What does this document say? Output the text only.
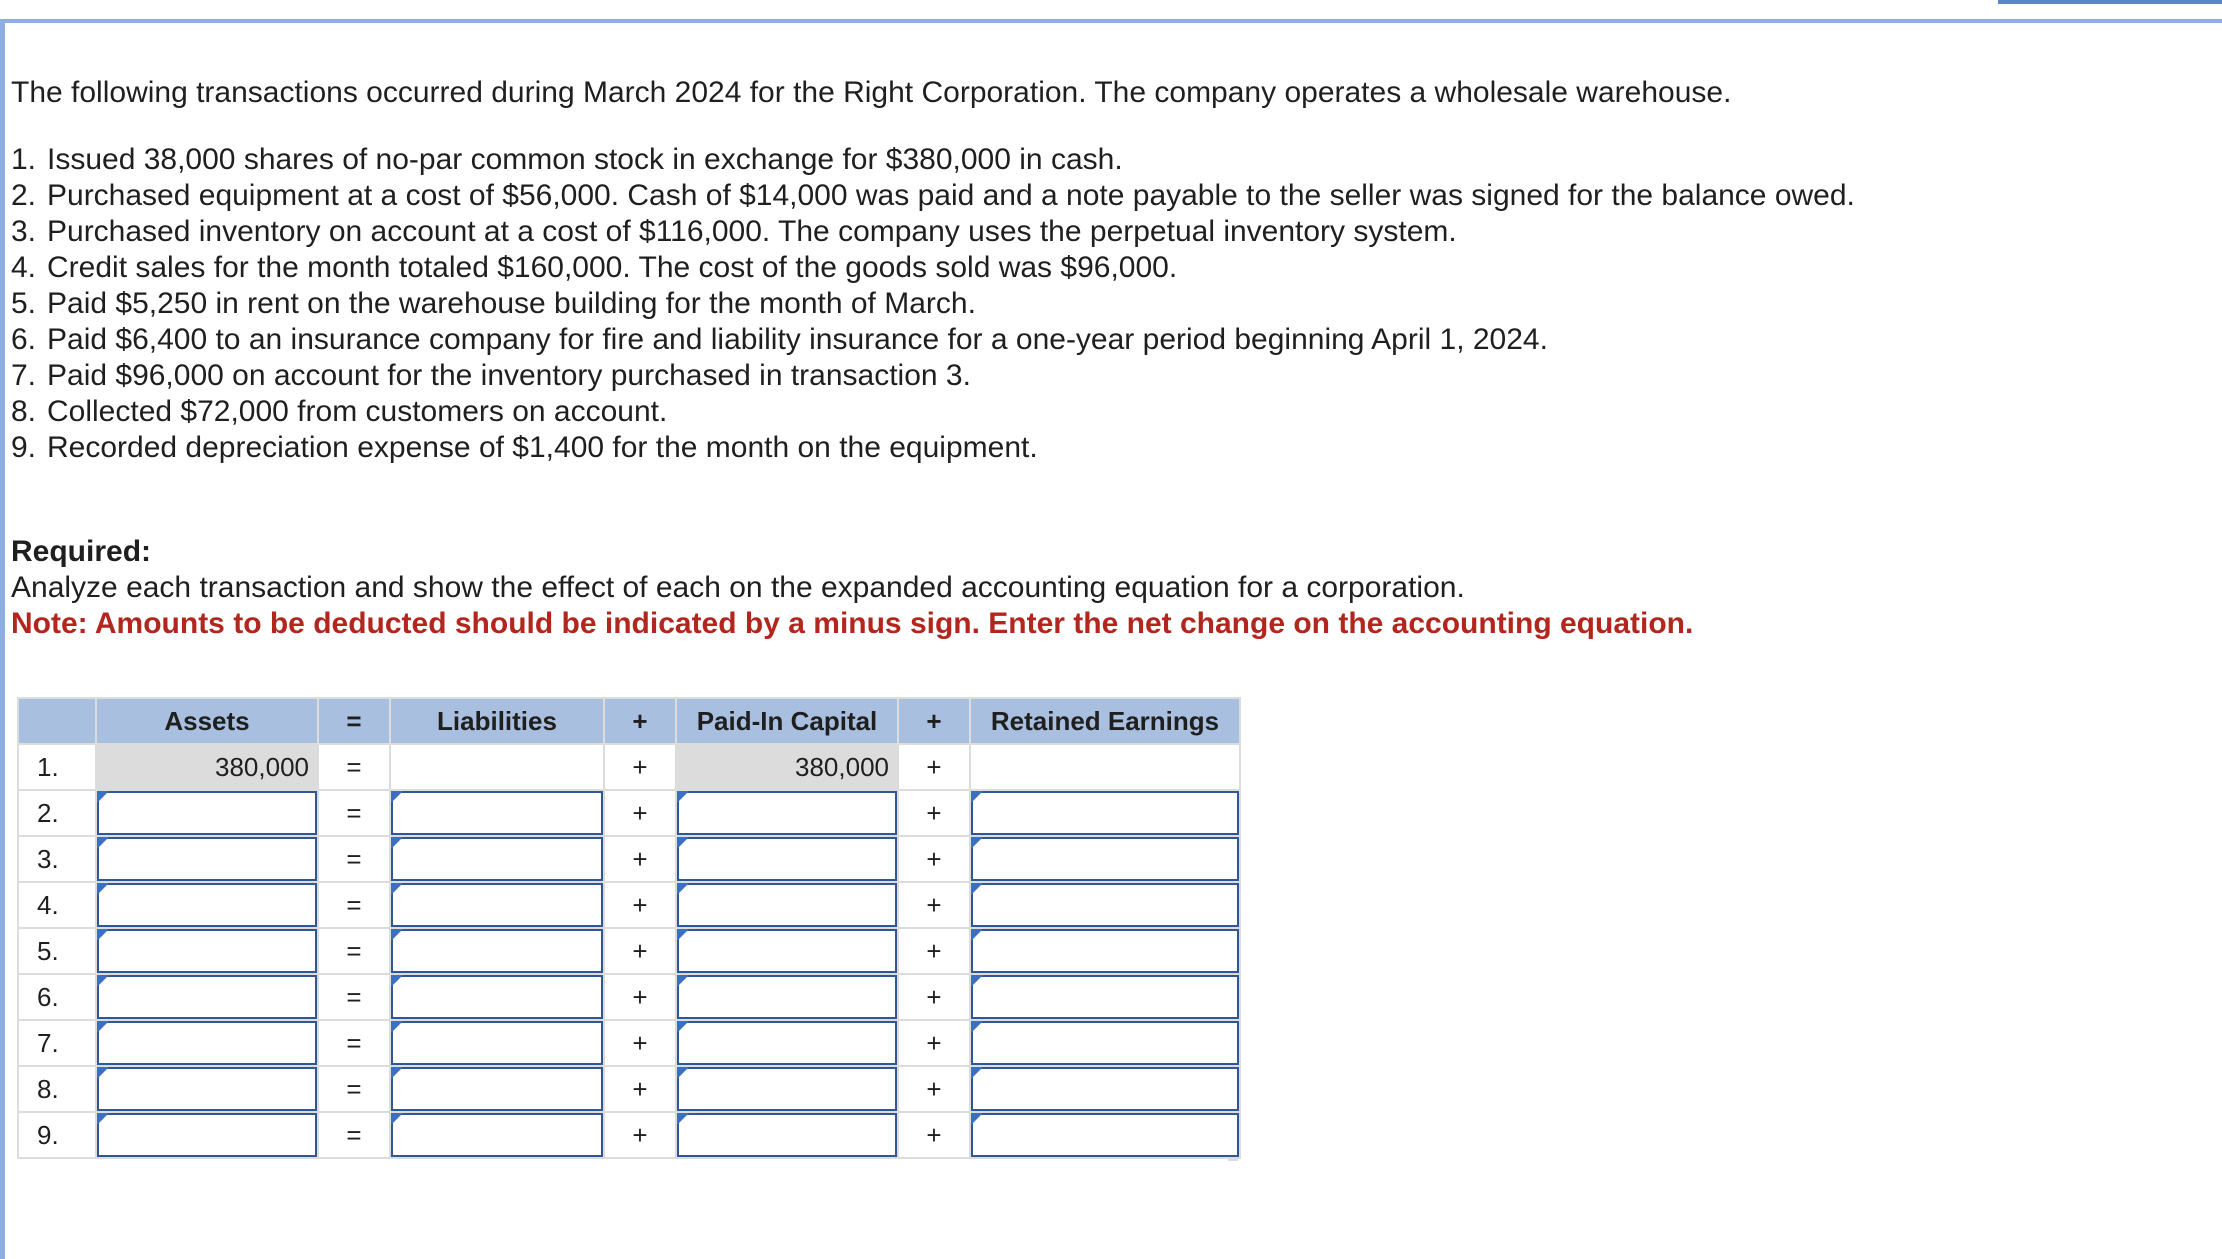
The following transactions occurred during March 2024 for the Right Corporation. The company operates a wholesale warehouse.
1. Issued 38,000 shares of no-par common stock in exchange for $380,000 in cash.
2. Purchased equipment at a cost of $56,000. Cash of $14,000 was paid and a note payable to the seller was signed for the balance owed.
3. Purchased inventory on account at a cost of $116,000. The company uses the perpetual inventory system.
4. Credit sales for the month totaled $160,000. The cost of the goods sold was $96,000.
5. Paid $5,250 in rent on the warehouse building for the month of March.
6. Paid $6,400 to an insurance company for fire and liability insurance for a one-year period beginning April 1, 2024.
7. Paid $96,000 on account for the inventory purchased in transaction 3.
8. Collected $72,000 from customers on account.
9. Recorded depreciation expense of $1,400 for the month on the equipment.
Required:
Analyze each transaction and show the effect of each on the expanded accounting equation for a corporation.
Note: Amounts to be deducted should be indicated by a minus sign. Enter the net change on the accounting equation.
	Assets	=	Liabilities	+	Paid-In Capital	+	Retained Earnings
1.	380,000	=		+	380,000	+	
2.		=		+		+	

3.		=		+		+	

4.		=		+		+	

5.		=		+		+	

6.		=		+		+	

7.		=		+		+	

8.		=		+		+	

9.		=		+		+	
